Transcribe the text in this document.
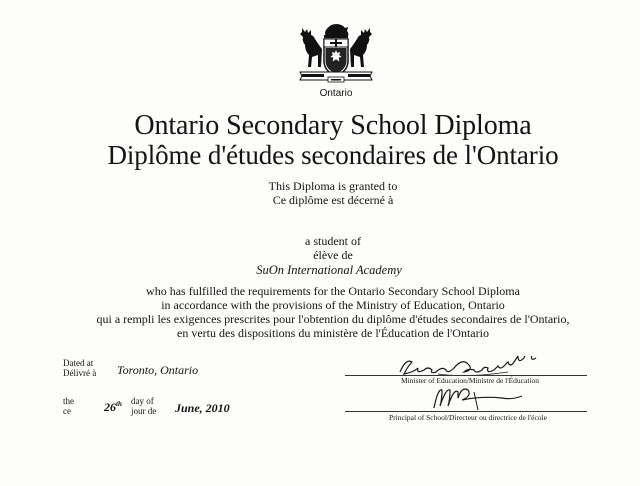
Ontario
Ontario Secondary School Diploma
Diplôme d'études secondaires de l'Ontario
This Diploma is granted to
Ce diplôme est décerné à
a student of
élève de
SuOn International Academy
who has fulfilled the requirements for the Ontario Secondary School Diploma
in accordance with the provisions of the Ministry of Education, Ontario
qui a rempli les exigences prescrites pour l'obtention du diplôme d'études secondaires de l'Ontario,
en vertu des dispositions du ministère de l'Éducation de l'Ontario
Dated at
Délivré à Toronto, Ontario
the
ce	26th day of
jour de June, 2010
Minister of Education/Ministre de l'Éducation
Principal of School/Directeur ou directrice de l'école
